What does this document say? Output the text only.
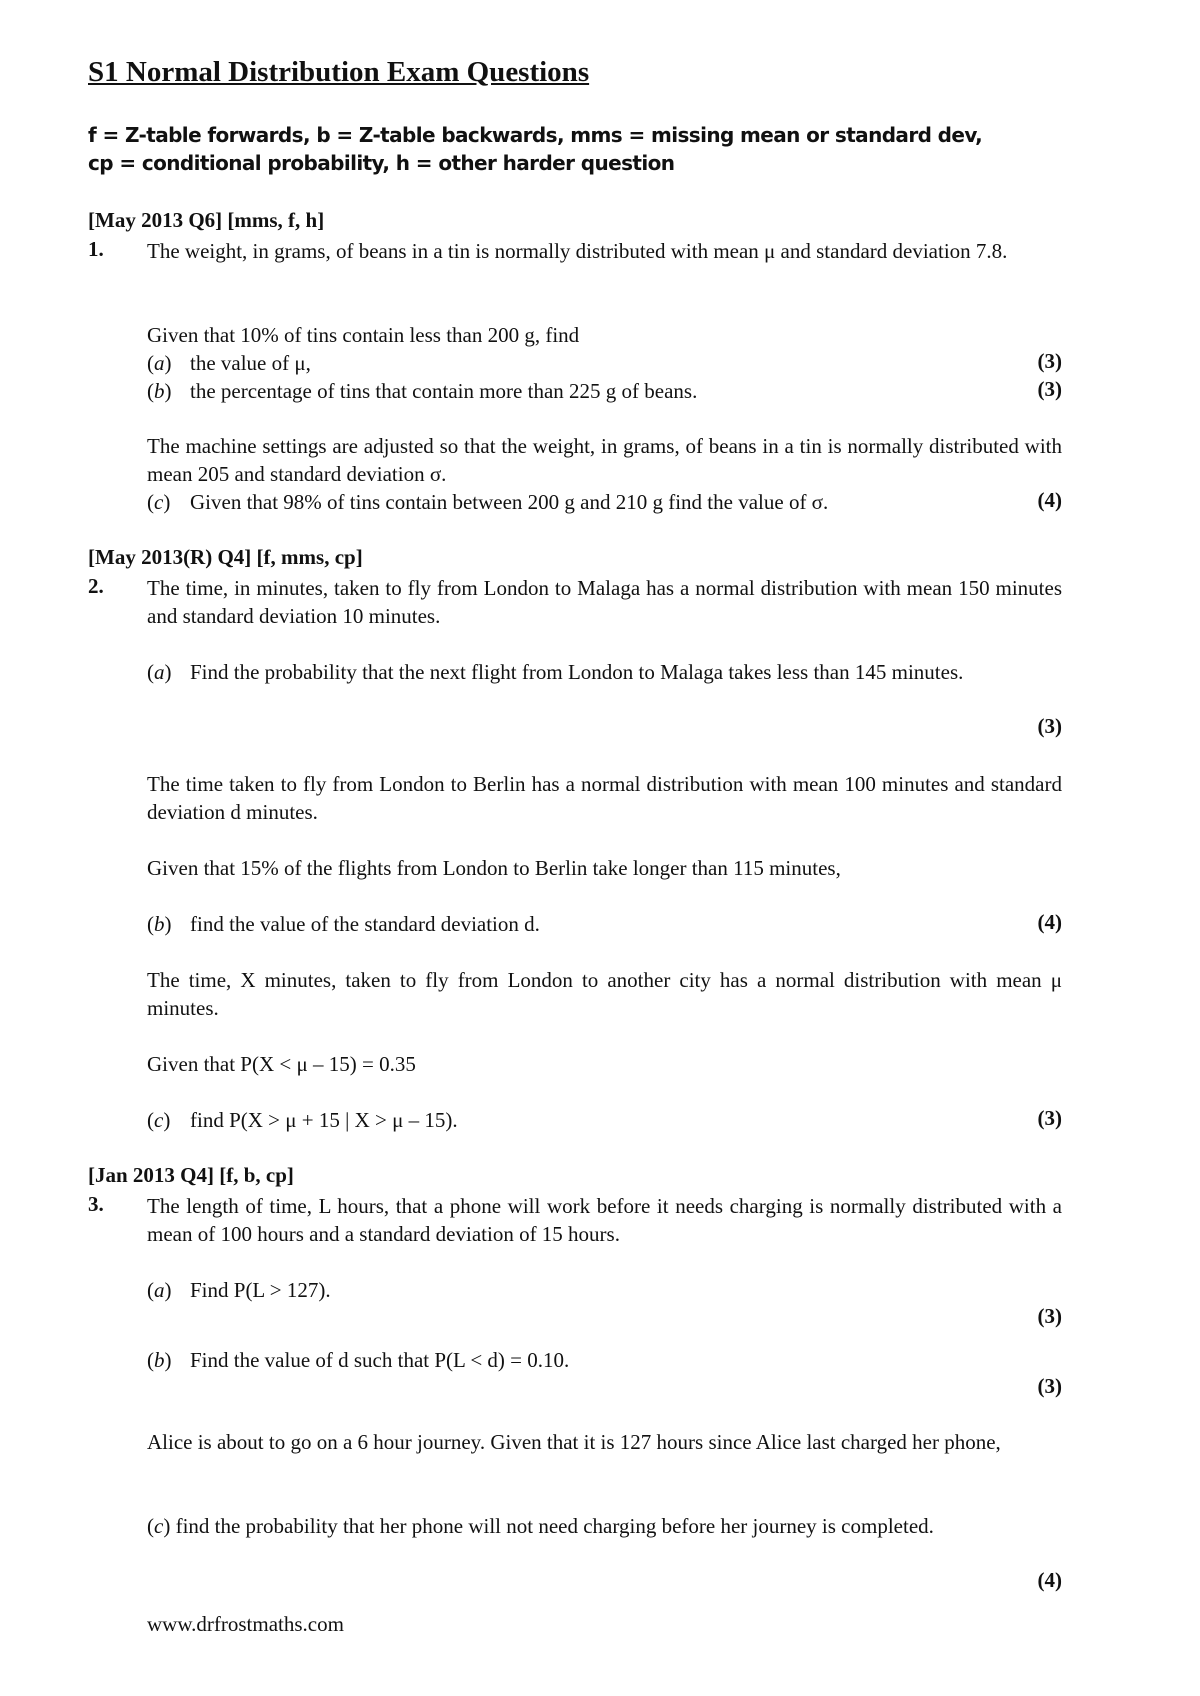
S1 Normal Distribution Exam Questions
f = Z-table forwards, b = Z-table backwards, mms = missing mean or standard dev,
cp = conditional probability, h = other harder question
[May 2013 Q6] [mms, f, h]
1. The weight, in grams, of beans in a tin is normally distributed with mean μ and standard deviation 7.8.
Given that 10% of tins contain less than 200 g, find
( a )	the value of μ,	(3)
( b )	the percentage of tins that contain more than 225 g of beans.	(3)
The machine settings are adjusted so that the weight, in grams, of beans in a tin is normally distributed with mean 205 and standard deviation σ.
( c )	Given that 98% of tins contain between 200 g and 210 g find the value of σ.	(4)
[May 2013(R) Q4] [f, mms, cp]
2. The time, in minutes, taken to fly from London to Malaga has a normal distribution with mean 150 minutes and standard deviation 10 minutes.
( a )	Find the probability that the next flight from London to Malaga takes less than 145 minutes.
(3)
The time taken to fly from London to Berlin has a normal distribution with mean 100 minutes and standard deviation d minutes.
Given that 15% of the flights from London to Berlin take longer than 115 minutes,
( b )	find the value of the standard deviation d.	(4)
The time, X minutes, taken to fly from London to another city has a normal distribution with mean μ minutes.
Given that P(X < μ – 15) = 0.35
( c )	find P(X > μ + 15 | X > μ – 15).	(3)
[Jan 2013 Q4] [f, b, cp]
3. The length of time, L hours, that a phone will work before it needs charging is normally distributed with a mean of 100 hours and a standard deviation of 15 hours.
( a )	Find P(L > 127).
(3)
( b )	Find the value of d such that P(L < d) = 0.10.
(3)
Alice is about to go on a 6 hour journey. Given that it is 127 hours since Alice last charged her phone,
(c) find the probability that her phone will not need charging before her journey is completed.
(4)
www.drfrostmaths.com
